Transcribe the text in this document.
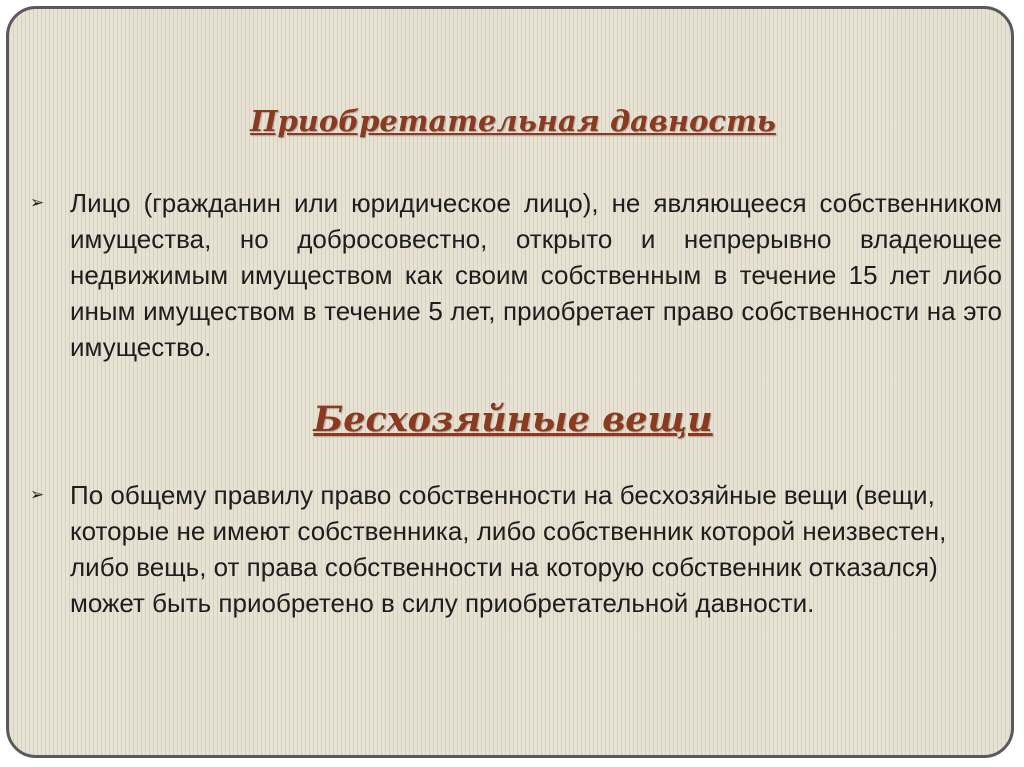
Приобретательная давность
➢ Лицо (гражданин или юридическое лицо), не являющееся собственником имущества, но добросовестно, открыто и непрерывно владеющее недвижимым имуществом как своим собственным в течение 15 лет либо иным имуществом в течение 5 лет, приобретает право собственности на это имущество.
Бесхозяйные вещи
➢ По общему правилу право собственности на бесхозяйные вещи (вещи, которые не имеют собственника, либо собственник которой неизвестен, либо вещь, от права собственности на которую собственник отказался) может быть приобретено в силу приобретательной давности.
